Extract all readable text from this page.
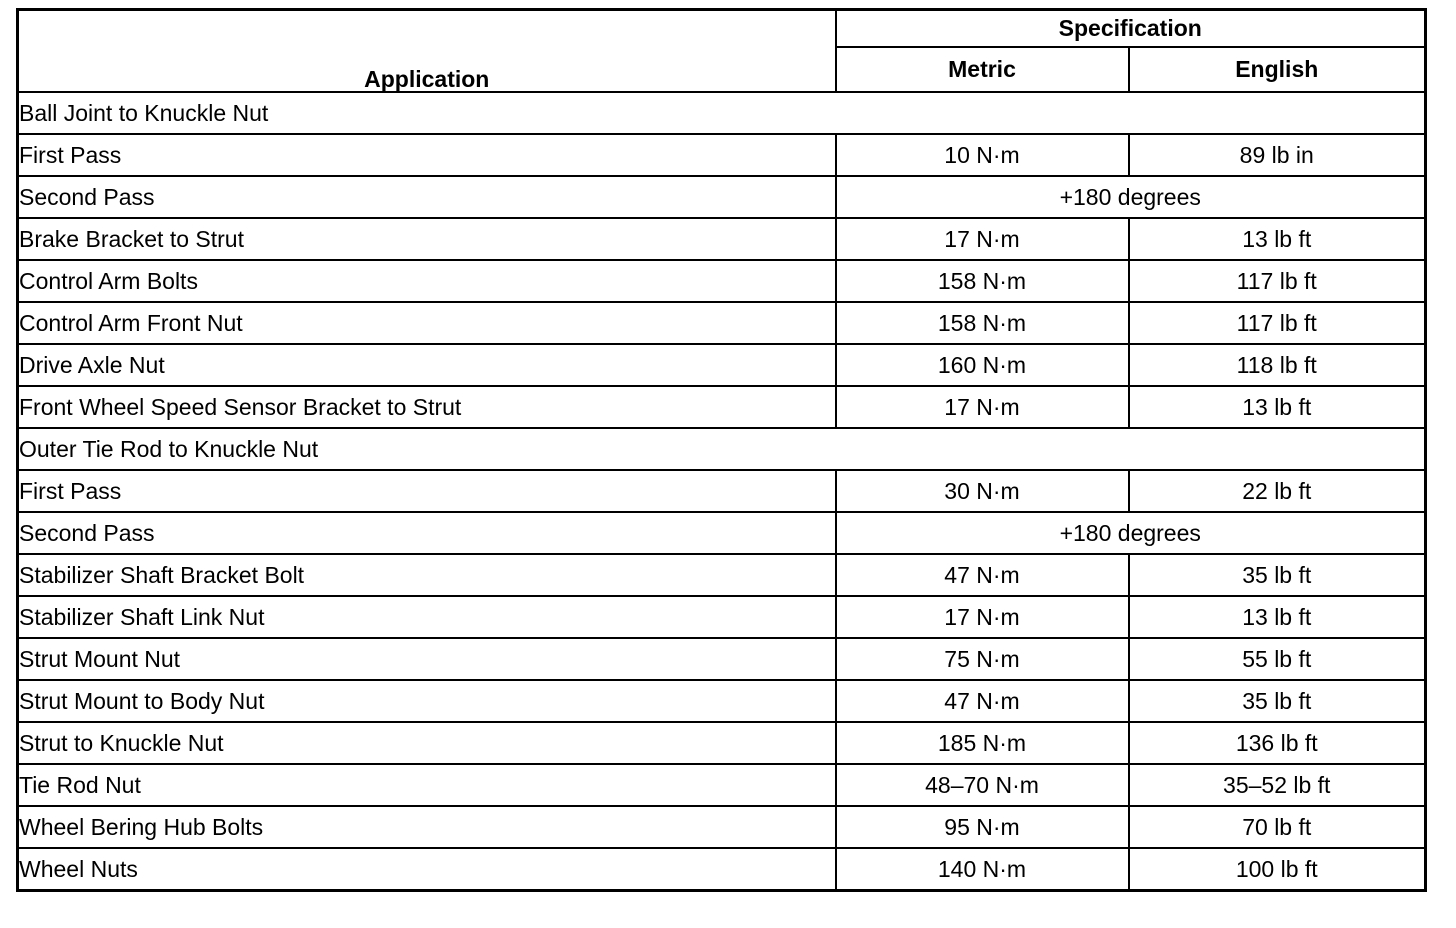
Application	Specification	
	Metric	English
Ball Joint to Knuckle Nut		
First Pass	10 N·m	89 lb in
Second Pass	+180 degrees	
Brake Bracket to Strut	17 N·m	13 lb ft
Control Arm Bolts	158 N·m	117 lb ft
Control Arm Front Nut	158 N·m	117 lb ft
Drive Axle Nut	160 N·m	118 lb ft
Front Wheel Speed Sensor Bracket to Strut	17 N·m	13 lb ft
Outer Tie Rod to Knuckle Nut		
First Pass	30 N·m	22 lb ft
Second Pass	+180 degrees	
Stabilizer Shaft Bracket Bolt	47 N·m	35 lb ft
Stabilizer Shaft Link Nut	17 N·m	13 lb ft
Strut Mount Nut	75 N·m	55 lb ft
Strut Mount to Body Nut	47 N·m	35 lb ft
Strut to Knuckle Nut	185 N·m	136 lb ft
Tie Rod Nut	48–70 N·m	35–52 lb ft
Wheel Bering Hub Bolts	95 N·m	70 lb ft
Wheel Nuts	140 N·m	100 lb ft
